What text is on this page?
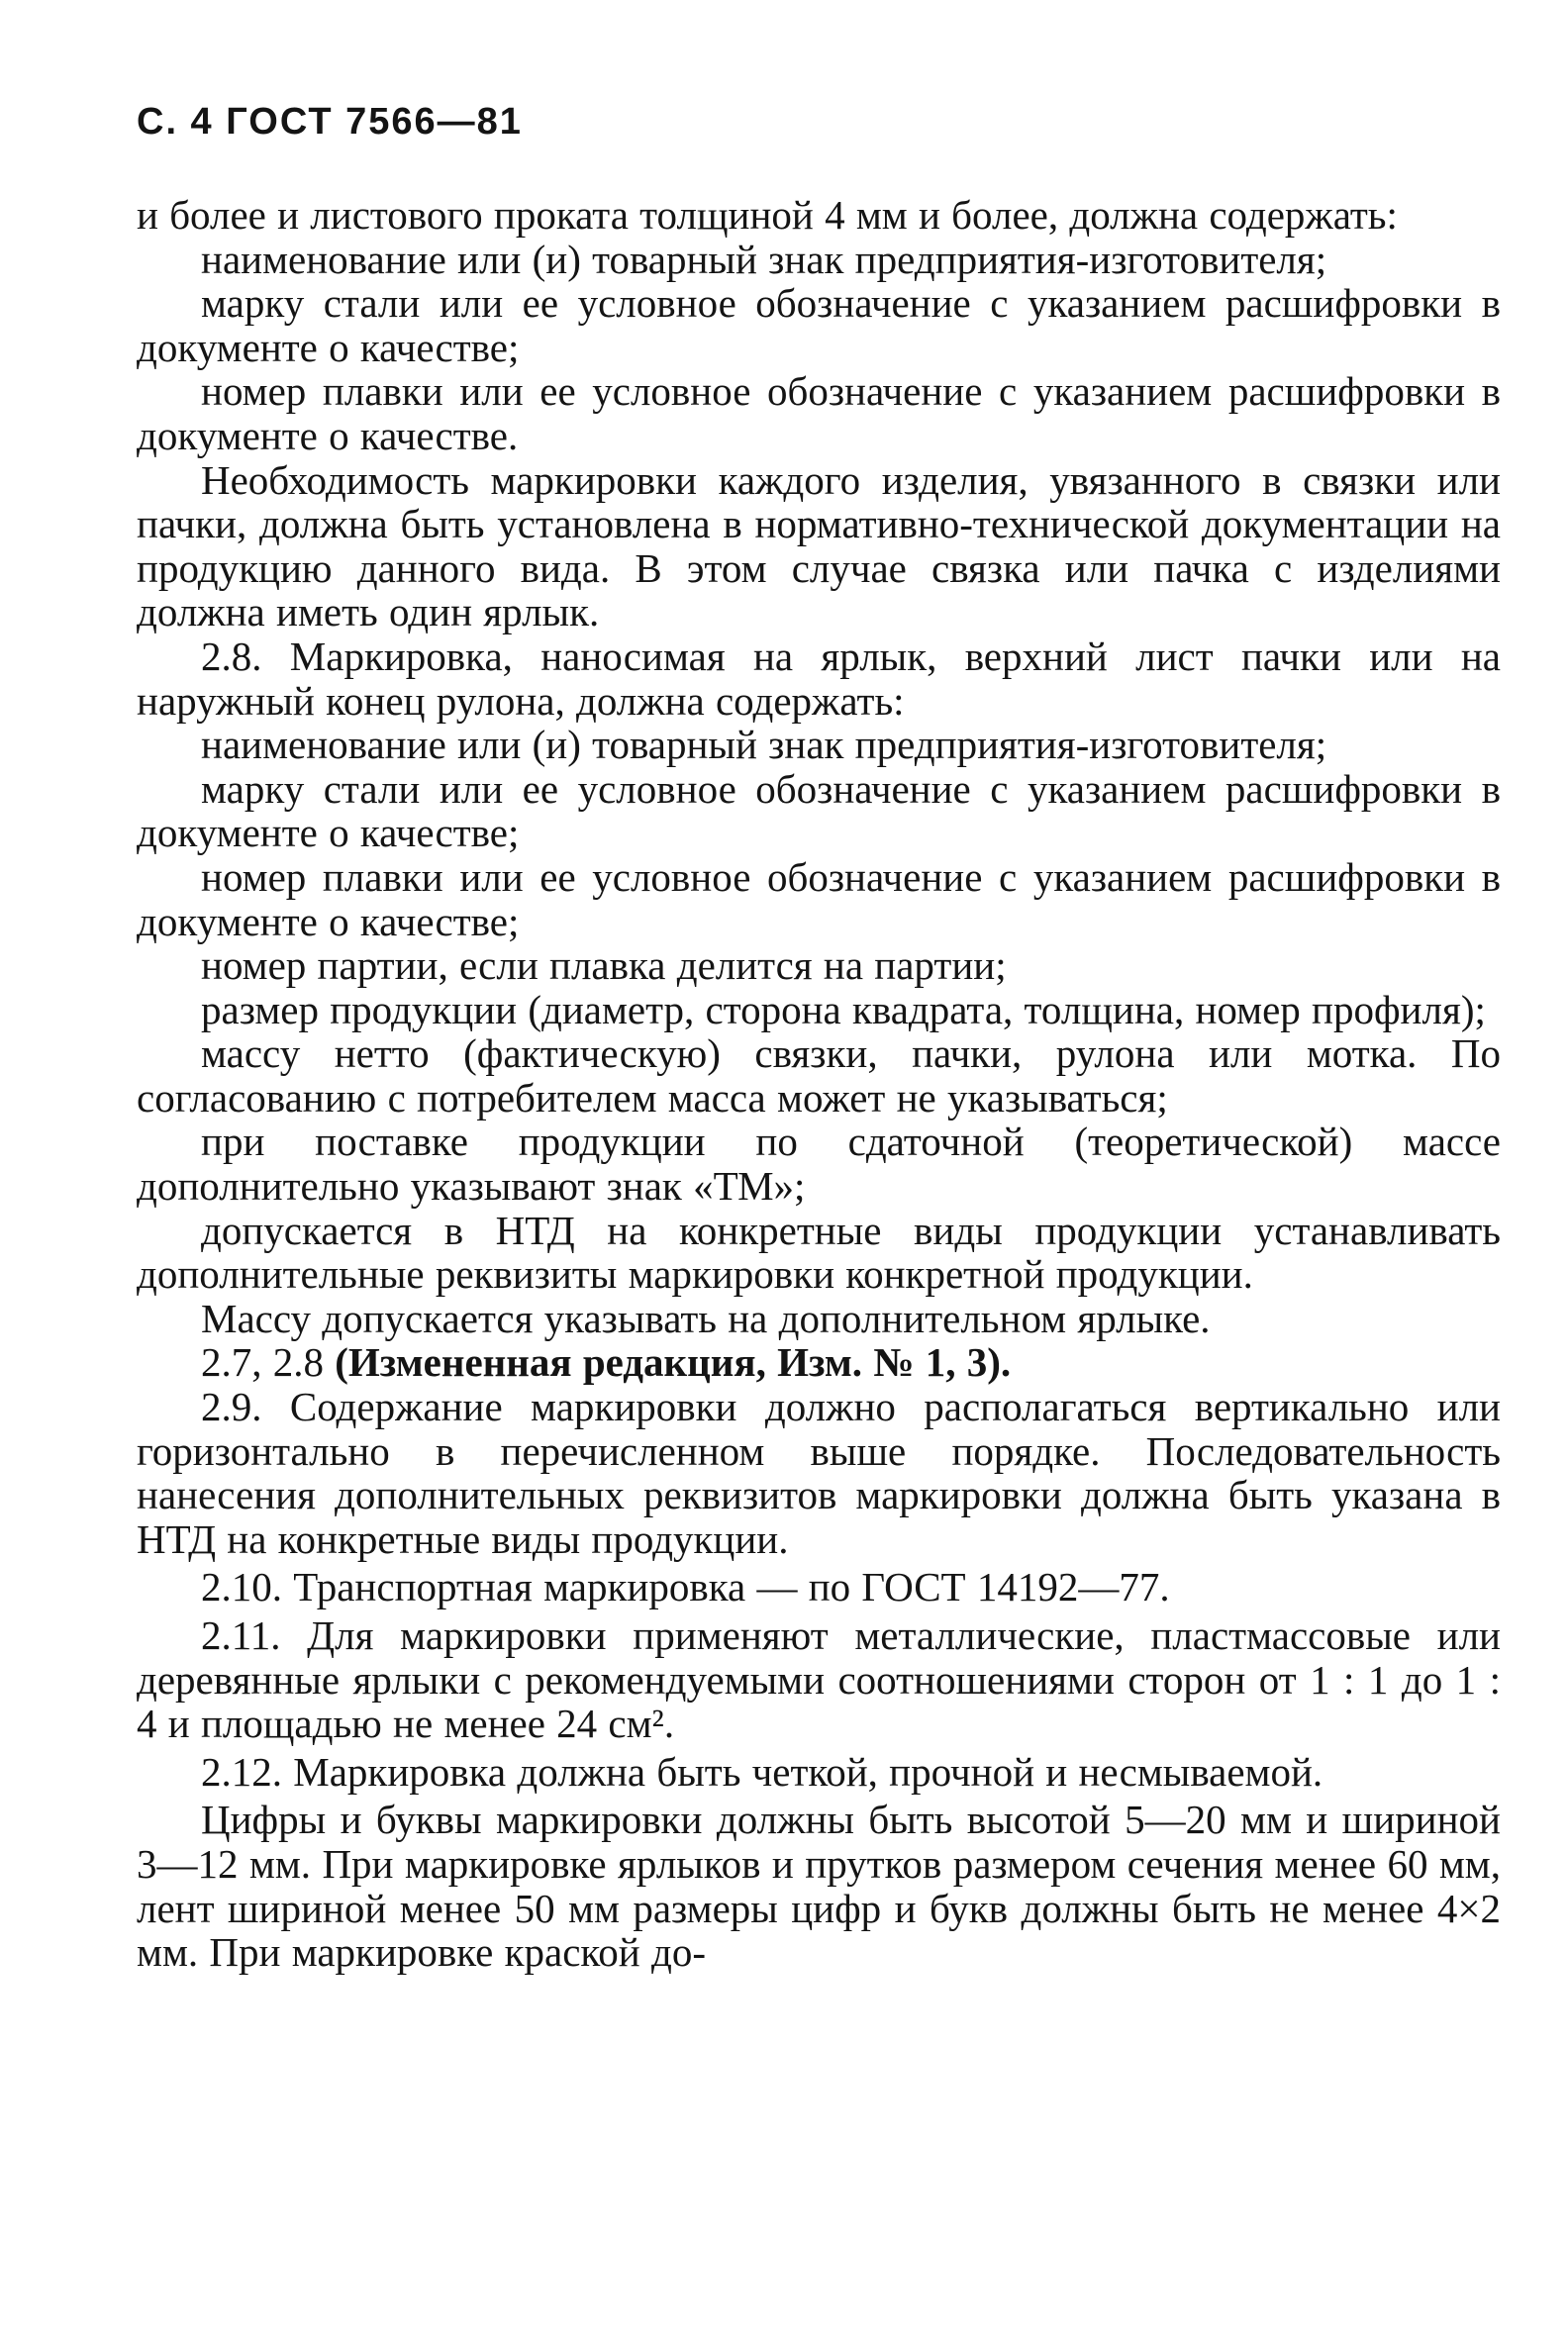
С. 4 ГОСТ 7566—81

и более и листового проката толщиной 4 мм и более, должна содержать:

наименование или (и) товарный знак предприятия-изготовителя;

марку стали или ее условное обозначение с указанием расшифровки в документе о качестве;

номер плавки или ее условное обозначение с указанием расшифровки в документе о качестве.

Необходимость маркировки каждого изделия, увязанного в связки или пачки, должна быть установлена в нормативно-технической документации на продукцию данного вида. В этом случае связка или пачка с изделиями должна иметь один ярлык.

2.8. Маркировка, наносимая на ярлык, верхний лист пачки или на наружный конец рулона, должна содержать:

наименование или (и) товарный знак предприятия-изготовителя;

марку стали или ее условное обозначение с указанием расшифровки в документе о качестве;

номер плавки или ее условное обозначение с указанием расшифровки в документе о качестве;

номер партии, если плавка делится на партии;

размер продукции (диаметр, сторона квадрата, толщина, номер профиля);

массу нетто (фактическую) связки, пачки, рулона или мотка. По согласованию с потребителем масса может не указываться;

при поставке продукции по сдаточной (теоретической) массе дополнительно указывают знак «ТМ»;

допускается в НТД на конкретные виды продукции устанавливать дополнительные реквизиты маркировки конкретной продукции.

Массу допускается указывать на дополнительном ярлыке.

2.7, 2.8 (Измененная редакция, Изм. № 1, 3).

2.9. Содержание маркировки должно располагаться вертикально или горизонтально в перечисленном выше порядке. Последовательность нанесения дополнительных реквизитов маркировки должна быть указана в НТД на конкретные виды продукции.

2.10. Транспортная маркировка — по ГОСТ 14192—77.

2.11. Для маркировки применяют металлические, пластмассовые или деревянные ярлыки с рекомендуемыми соотношениями сторон от 1 : 1 до 1 : 4 и площадью не менее 24 см².

2.12. Маркировка должна быть четкой, прочной и несмываемой.

Цифры и буквы маркировки должны быть высотой 5—20 мм и шириной 3—12 мм. При маркировке ярлыков и прутков размером сечения менее 60 мм, лент шириной менее 50 мм размеры цифр и букв должны быть не менее 4×2 мм. При маркировке краской до-
